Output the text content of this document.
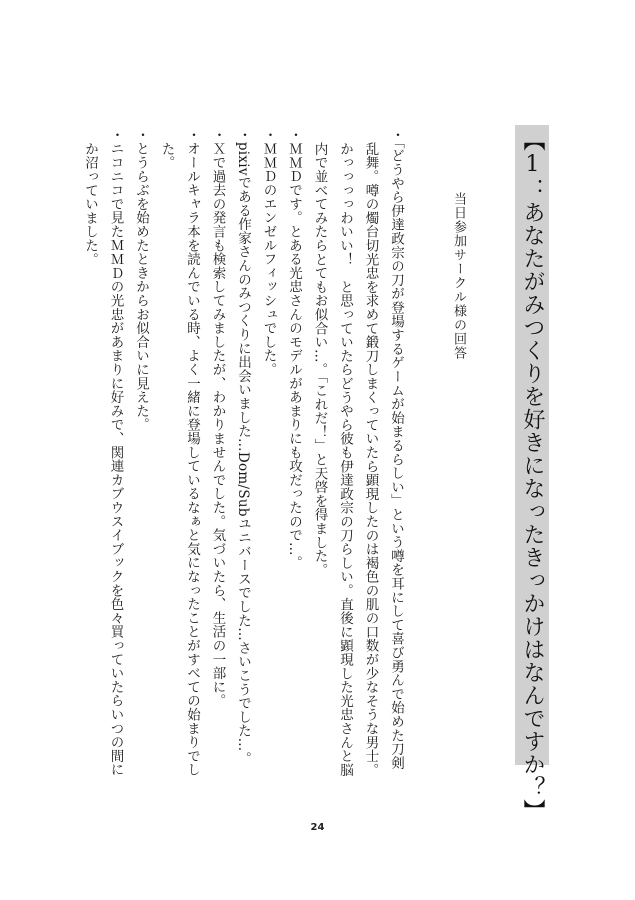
【1：あなたがみつくりを好きになったきっかけはなんですか？】
当日参加サークル様の回答

・「どうやら伊達政宗の刀が登場するゲームが始まるらしい」という噂を耳にして喜び勇んで始めた刀剣乱舞。噂の燭台切光忠を求めて鍛刀しまくっていたら顕現したのは褐色の肌の口数が少なそうな男士。かっっっっわいい！　と思っていたらどうやら彼も伊達政宗の刀らしい。直後に顕現した光忠さんと脳内で並べてみたらとてもお似合い…。「これだ！」と天啓を得ました。

・ＭＭＤです。とある光忠さんのモデルがあまりにも攻だったので…。

・ＭＭＤのエンゼルフィッシュでした。

・pixivである作家さんのみつくりに出会いました…Dom/Subユニバースでした…さいこうでした…。

・Ｘで過去の発言も検索してみましたが、わかりませんでした。気づいたら、生活の一部に。

・オールキャラ本を読んでいる時、よく一緒に登場しているなぁと気になったことがすべての始まりでした。

・とうらぶを始めたときからお似合いに見えた。

・ニコニコで見たＭＭＤの光忠があまりに好みで、関連カブウスイブックを色々買っていたらいつの間にか沼っていました。

24
